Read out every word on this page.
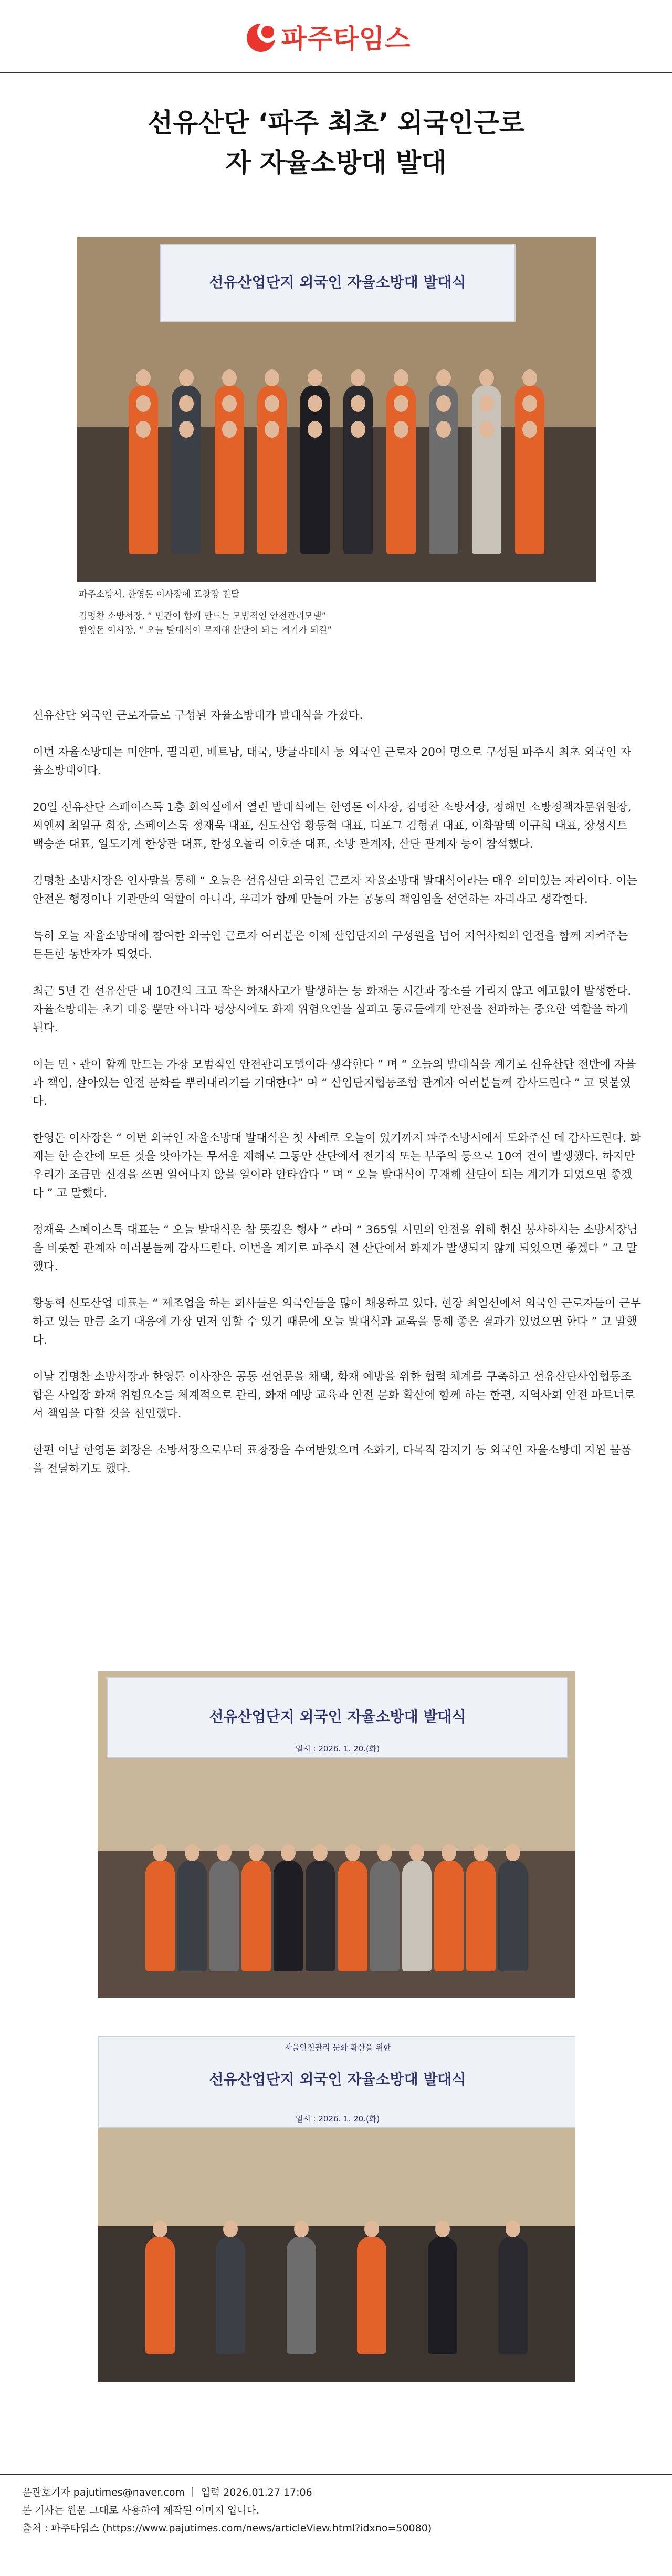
파주타임스
선유산단 ‘파주 최초’ 외국인근로
자 자율소방대 발대
선유산업단지 외국인 자율소방대 발대식

파주소방서, 한영돈 이사장에 표창장 전달

김명찬 소방서장, “ 민관이 함께 만드는 모범적인 안전관리모델”

한영돈 이사장, “ 오늘 발대식이 무재해 산단이 되는 계기가 되길”

선유산단 외국인 근로자들로 구성된 자율소방대가 발대식을 가졌다.

이번 자율소방대는 미얀마, 필리핀, 베트남, 태국, 방글라데시 등 외국인 근로자 20여 명으로 구성된 파주시 최초 외국인 자율소방대이다.

20일 선유산단 스페이스톡 1층 회의실에서 열린 발대식에는 한영돈 이사장, 김명찬 소방서장, 정해면 소방정책자문위원장, 씨앤씨 최일규 회장, 스페이스톡 정재욱 대표, 신도산업 황동혁 대표, 디포그 김형권 대표, 이화팜텍 이규희 대표, 장성시트 백승준 대표, 일도기계 한상관 대표, 한성오돌리 이호준 대표, 소방 관계자, 산단 관계자 등이 참석했다.

김명찬 소방서장은 인사말을 통해 “ 오늘은 선유산단 외국인 근로자 자율소방대 발대식이라는 매우 의미있는 자리이다. 이는 안전은 행정이나 기관만의 역할이 아니라, 우리가 함께 만들어 가는 공동의 책임임을 선언하는 자리라고 생각한다.

특히 오늘 자율소방대에 참여한 외국인 근로자 여러분은 이제 산업단지의 구성원을 넘어 지역사회의 안전을 함께 지켜주는 든든한 동반자가 되었다.

최근 5년 간 선유산단 내 10건의 크고 작은 화재사고가 발생하는 등 화재는 시간과 장소를 가리지 않고 예고없이 발생한다. 자율소방대는 초기 대응 뿐만 아니라 평상시에도 화재 위험요인을 살피고 동료들에게 안전을 전파하는 중요한 역할을 하게 된다.

이는 민ㆍ관이 함께 만드는 가장 모범적인 안전관리모델이라 생각한다 ” 며 “ 오늘의 발대식을 계기로 선유산단 전반에 자율과 책임, 살아있는 안전 문화를 뿌리내리기를 기대한다” 며 “ 산업단지협동조합 관계자 여러분들께 감사드린다 ” 고 덧붙였다.

한영돈 이사장은 “ 이번 외국인 자율소방대 발대식은 첫 사례로 오늘이 있기까지 파주소방서에서 도와주신 데 감사드린다. 화재는 한 순간에 모든 것을 앗아가는 무서운 재해로 그동안 산단에서 전기적 또는 부주의 등으로 10여 건이 발생했다. 하지만 우리가 조금만 신경을 쓰면 일어나지 않을 일이라 안타깝다 ” 며 “ 오늘 발대식이 무재해 산단이 되는 계기가 되었으면 좋겠다 ” 고 말했다.

정재욱 스페이스톡 대표는 “ 오늘 발대식은 참 뜻깊은 행사 ” 라며 “ 365일 시민의 안전을 위해 헌신 봉사하시는 소방서장님을 비롯한 관계자 여러분들께 감사드린다. 이번을 계기로 파주시 전 산단에서 화재가 발생되지 않게 되었으면 좋겠다 ” 고 말했다.

황동혁 신도산업 대표는 “ 제조업을 하는 회사들은 외국인들을 많이 채용하고 있다. 현장 최일선에서 외국인 근로자들이 근무하고 있는 만큼 초기 대응에 가장 먼저 임할 수 있기 때문에 오늘 발대식과 교육을 통해 좋은 결과가 있었으면 한다 ” 고 말했다.

이날 김명찬 소방서장과 한영돈 이사장은 공동 선언문을 채택, 화재 예방을 위한 협력 체계를 구축하고 선유산단사업협동조합은 사업장 화재 위험요소를 체계적으로 관리, 화재 예방 교육과 안전 문화 확산에 함께 하는 한편, 지역사회 안전 파트너로서 책임을 다할 것을 선언했다.

한편 이날 한영돈 회장은 소방서장으로부터 표창장을 수여받았으며 소화기, 다목적 감지기 등 외국인 자율소방대 지원 물품을 전달하기도 했다.

선유산업단지 외국인 자율소방대 발대식
일시 : 2026. 1. 20.(화)
자율안전관리 문화 확산을 위한
선유산업단지 외국인 자율소방대 발대식
일시 : 2026. 1. 20.(화)
윤관호기자 pajutimes@naver.com ㅣ 입력 2026.01.27 17:06
본 기사는 원문 그대로 사용하여 제작된 이미지 입니다.
출처 : 파주타임스 (https://www.pajutimes.com/news/articleView.html?idxno=50080)
